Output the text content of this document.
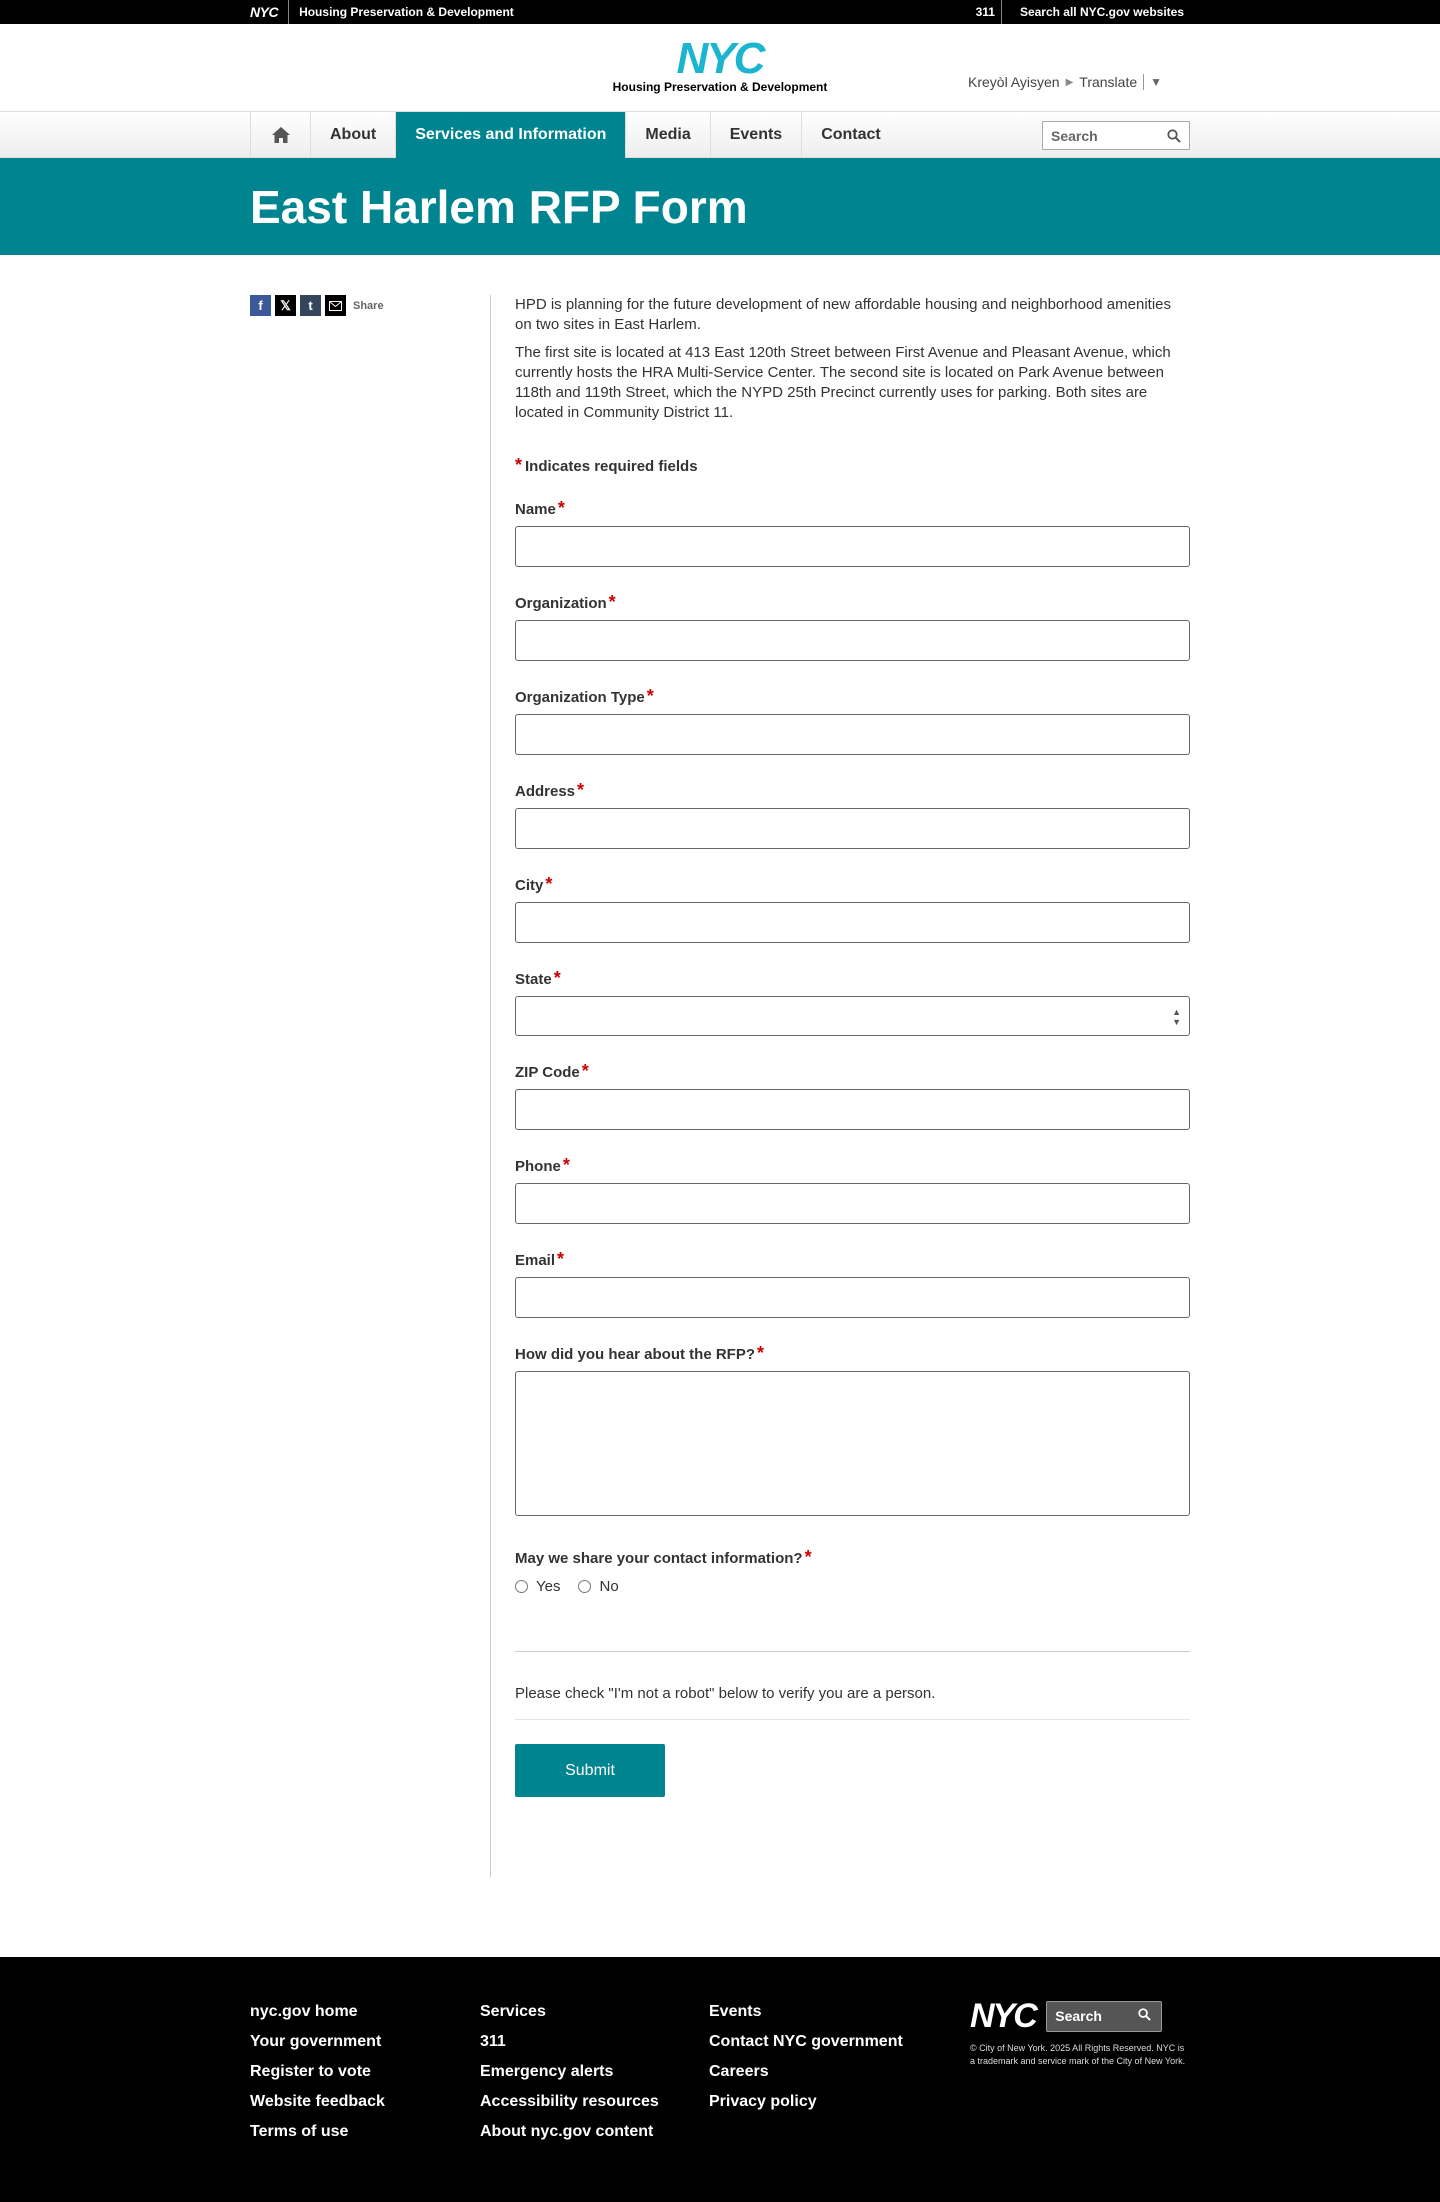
NYC	Housing Preservation & Development	311	Search all NYC.gov websites
NYC
Housing Preservation & Development	Kreyòl Ayisyen ▶ Translate	▼
About	Services and Information	Media	Events	Contact	Search
East Harlem RFP Form
f	𝕏	t	Share	HPD is planning for the future development of new affordable housing and neighborhood amenities on two sites in East Harlem.

The first site is located at 413 East 120th Street between First Avenue and Pleasant Avenue, which currently hosts the HRA Multi-Service Center. The second site is located on Park Avenue between 118th and 119th Street, which the NYPD 25th Precinct currently uses for parking. Both sites are located in Community District 11.

* Indicates required fields
Name *
Organization *
Organization Type *
Address *
City *
State *
▲
▼
ZIP Code *
Phone *
Email *
How did you hear about the RFP? *
May we share your contact information? *
Yes	No

Please check "I'm not a robot" below to verify you are a person.

Submit
nyc.gov home
Your government
Register to vote
Website feedback
Terms of use
Services
311
Emergency alerts
Accessibility resources
About nyc.gov content
Events
Contact NYC government
Careers
Privacy policy
NYC Search
© City of New York. 2025 All Rights Reserved. NYC is a trademark and service mark of the City of New York.
